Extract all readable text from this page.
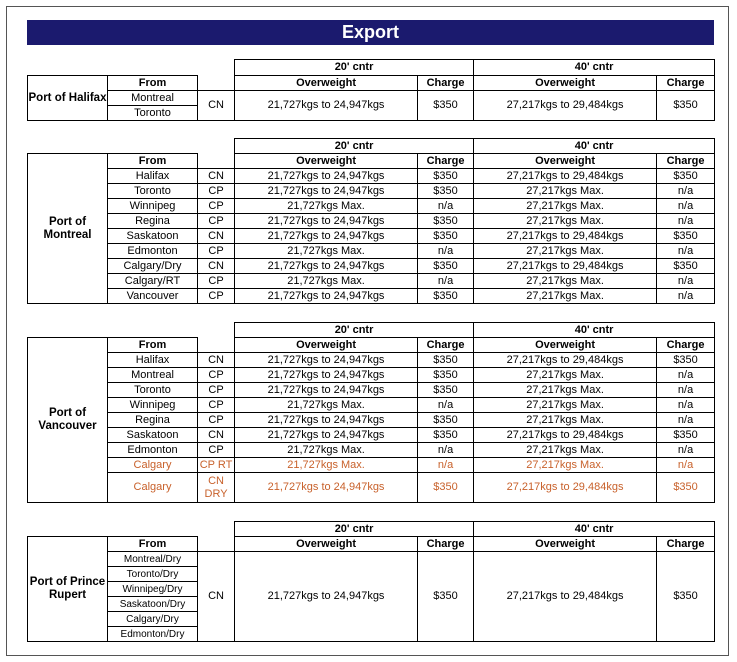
Export
			20' cntr		40' cntr	
Port of Halifax	From		Overweight	Charge	Overweight	Charge
	Montreal	CN	21,727kgs to 24,947kgs	$350	27,217kgs to 29,484kgs	$350
	Toronto					
			20' cntr		40' cntr	
Port of Montreal	From		Overweight	Charge	Overweight	Charge
	Halifax	CN	21,727kgs to 24,947kgs	$350	27,217kgs to 29,484kgs	$350
	Toronto	CP	21,727kgs to 24,947kgs	$350	27,217kgs Max.	n/a
	Winnipeg	CP	21,727kgs Max.	n/a	27,217kgs Max.	n/a
	Regina	CP	21,727kgs to 24,947kgs	$350	27,217kgs Max.	n/a
	Saskatoon	CN	21,727kgs to 24,947kgs	$350	27,217kgs to 29,484kgs	$350
	Edmonton	CP	21,727kgs Max.	n/a	27,217kgs Max.	n/a
	Calgary/Dry	CN	21,727kgs to 24,947kgs	$350	27,217kgs to 29,484kgs	$350
	Calgary/RT	CP	21,727kgs Max.	n/a	27,217kgs Max.	n/a
	Vancouver	CP	21,727kgs to 24,947kgs	$350	27,217kgs Max.	n/a
			20' cntr		40' cntr	
Port of Vancouver	From		Overweight	Charge	Overweight	Charge
	Halifax	CN	21,727kgs to 24,947kgs	$350	27,217kgs to 29,484kgs	$350
	Montreal	CP	21,727kgs to 24,947kgs	$350	27,217kgs Max.	n/a
	Toronto	CP	21,727kgs to 24,947kgs	$350	27,217kgs Max.	n/a
	Winnipeg	CP	21,727kgs Max.	n/a	27,217kgs Max.	n/a
	Regina	CP	21,727kgs to 24,947kgs	$350	27,217kgs Max.	n/a
	Saskatoon	CN	21,727kgs to 24,947kgs	$350	27,217kgs to 29,484kgs	$350
	Edmonton	CP	21,727kgs Max.	n/a	27,217kgs Max.	n/a
	Calgary	CP RT	21,727kgs Max.	n/a	27,217kgs Max.	n/a
	Calgary	CN DRY	21,727kgs to 24,947kgs	$350	27,217kgs to 29,484kgs	$350
			20' cntr		40' cntr	
Port of Prince Rupert	From		Overweight	Charge	Overweight	Charge
	Montreal/Dry	CN	21,727kgs to 24,947kgs	$350	27,217kgs to 29,484kgs	$350
	Toronto/Dry					
	Winnipeg/Dry					
	Saskatoon/Dry					
	Calgary/Dry					
	Edmonton/Dry					
